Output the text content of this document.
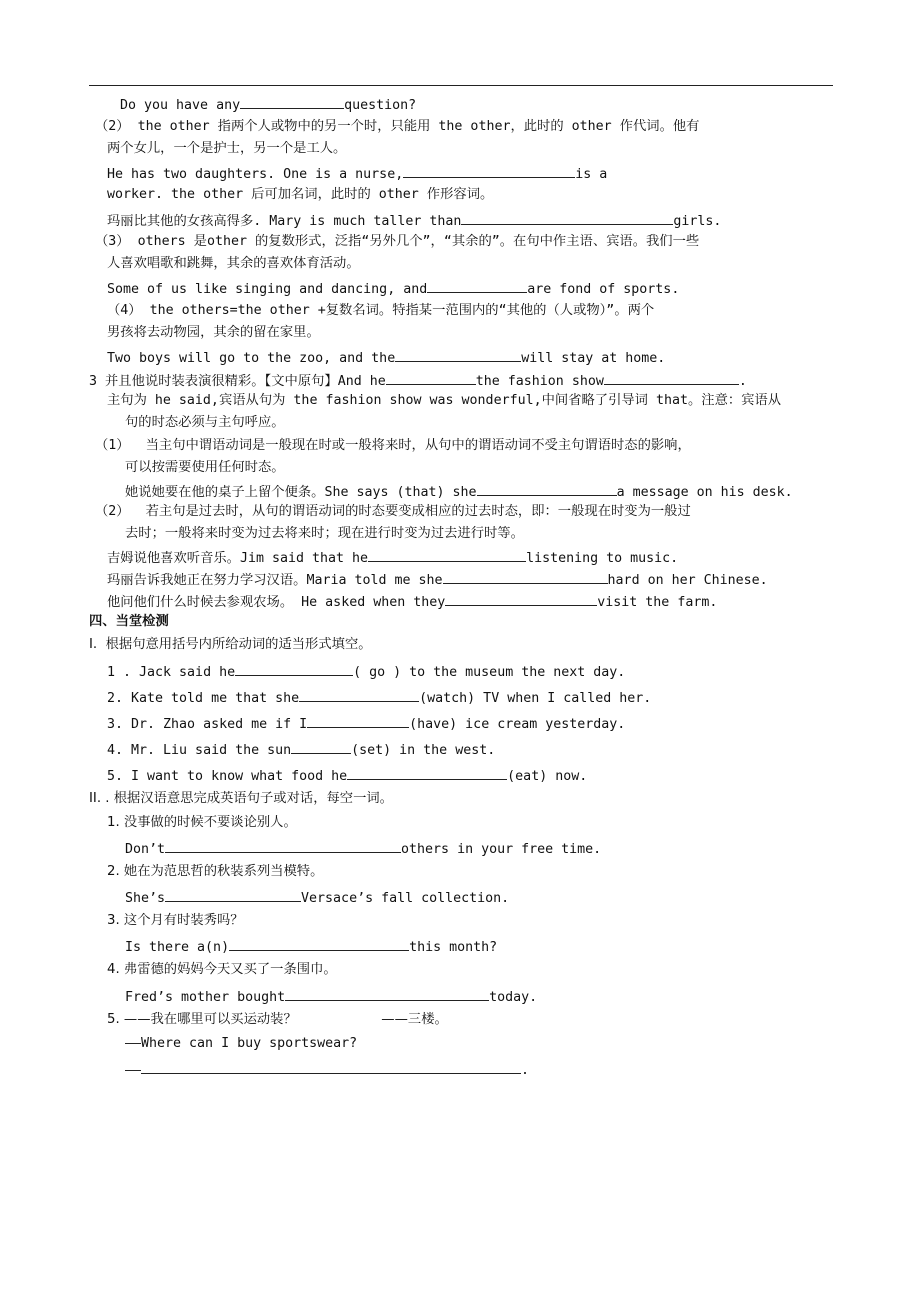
Do you have any	question?
（2） the other 指两个人或物中的另一个时，只能用 the other，此时的 other 作代词。他有
两个女儿，一个是护士，另一个是工人。
He has two daughters. One is a nurse,	is a
worker. the other 后可加名词，此时的 other 作形容词。
玛丽比其他的女孩高得多. Mary is much taller than	girls.
（3） others 是other 的复数形式，泛指“另外几个”，“其余的”。在句中作主语、宾语。我们一些
人喜欢唱歌和跳舞，其余的喜欢体育活动。
Some of us like singing and dancing, and	are fond of sports.
（4） the others=the other +复数名词。特指某一范围内的“其他的（人或物）”。两个
男孩将去动物园，其余的留在家里。
Two boys will go to the zoo, and the	will stay at home.
3 并且他说时装表演很精彩。【文中原句】And he	the fashion show	.
主句为 he said,宾语从句为 the fashion show was wonderful,中间省略了引导词 that。注意：宾语从
句的时态必须与主句呼应。
（1）  当主句中谓语动词是一般现在时或一般将来时，从句中的谓语动词不受主句谓语时态的影响，
可以按需要使用任何时态。
她说她要在他的桌子上留个便条。She says (that) she	a message on his desk.
（2）  若主句是过去时，从句的谓语动词的时态要变成相应的过去时态，即：一般现在时变为一般过
去时；一般将来时变为过去将来时；现在进行时变为过去进行时等。
吉姆说他喜欢听音乐。Jim said that he	listening to music.
玛丽告诉我她正在努力学习汉语。Maria told me she	hard on her Chinese.
他问他们什么时候去参观农场。 He asked when they	visit the farm.
四、当堂检测
I.  根据句意用括号内所给动词的适当形式填空。
1 . Jack said he	( go ) to the museum the next day.
2. Kate told me that she	(watch) TV when I called her.
3. Dr. Zhao asked me if I	(have) ice cream yesterday.
4. Mr. Liu said the sun	(set) in the west.
5. I want to know what food he	(eat) now.
II. . 根据汉语意思完成英语句子或对话，每空一词。
1. 没事做的时候不要谈论别人。
Don’t	others in your free time.
2. 她在为范思哲的秋装系列当模特。
She’s	Versace’s fall collection.
3. 这个月有时装秀吗？
Is there a(n)	this month?
4. 弗雷德的妈妈今天又买了一条围巾。
Fred’s mother bought	today.
5. ——我在哪里可以买运动装？                    ——三楼。
——Where can I buy sportswear?
——	.
